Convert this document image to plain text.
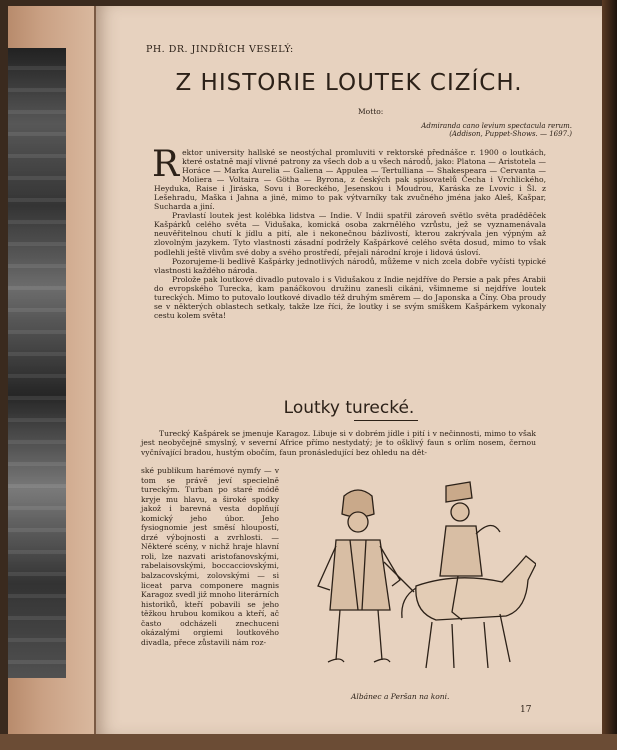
PH. DR. JINDŘICH VESELÝ:
Z HISTORIE LOUTEK CIZÍCH.
Motto:
Admiranda cano levium spectacula rerum.
(Addison, Puppet-Shows. — 1697.)

Rektor university hallské se neostýchal promluviti v rektorské přednášce r. 1900 o loutkách, které ostatně mají vlivné patrony za všech dob a u všech národů, jako: Platona — Aristotela — Horáce — Marka Aurelia — Galiena — Appulea — Tertulliana — Shakespeara — Cervanta — Moliera — Voltaira — Götha — Byrona, z českých pak spisovatelů Čecha i Vrchlického, Heyduka, Raise i Jiráska, Sovu i Boreckého, Jesenskou i Moudrou, Karáska ze Lvovic i Šl. z Lešehradu, Maška i Jahna a jiné, mimo to pak výtvarníky tak zvučného jména jako Aleš, Kašpar, Sucharda a jiní.

Pravlastí loutek jest kolébka lidstva — Indie. V Indii spatřil zároveň světlo světa praděděček Kašpárků celého světa — Vidušaka, komická osoba zakrnělého vzrůstu, jež se vyznamenávala neuvěřitelnou chutí k jídlu a pití, ale i nekonečnou bázlivostí, kterou zakrývala jen výpným až zlovolným jazykem. Tyto vlastnosti zásadní podržely Kašpárkové celého světa dosud, mimo to však podlehli ještě vlivům své doby a svého prostředí, přejali národní kroje i lidová úsloví.

Pozorujeme-li bedlivě Kašpárky jednotlivých národů, můžeme v nich zcela dobře vyčísti typické vlastnosti každého národa.

Prolože pak loutkové divadlo putovalo i s Vidušakou z Indie nejdříve do Persie a pak přes Arabii do evropského Turecka, kam panáčkovou družinu zanesli cikáni, všimneme si nejdříve loutek tureckých. Mimo to putovalo loutkové divadlo též druhým směrem — do Japonska a Číny. Oba proudy se v některých oblastech setkaly, takže lze říci, že loutky i se svým smíškem Kašpárkem vykonaly cestu kolem světa!

Loutky turecké.

Turecký Kašpárek se jmenuje Karagoz. Libuje si v dobrém jídle i pití i v nečinnosti, mimo to však jest neobyčejně smyslný, v severní Africe přímo nestydatý; je to ošklivý faun s orlím nosem, černou vyčnívající bradou, hustým obočím, faun pronásledující bez ohledu na dět-

ské publikum harémové nymfy — v tom se právě jeví specielně tureckým. Turban po staré módě kryje mu hlavu, a široké spodky jakož i barevná vesta doplňují komický jeho úbor. Jeho fysiognomie jest směsí hloupostí, drzé výbojnosti a zvrhlosti. — Některé scény, v nichž hraje hlavní roli, lze nazvati aristofanovskými, rabelaisovskými, boccacciovskými, balzacovskými, zolovskými — si liceat parva componere magnis Karagoz svedl již mnoho literárních historiků, kteří pobavili se jeho těžkou hrubou komikou a kteří, ač často odcházeli znechuceni okázalými orgiemi loutkového divadla, přece zůstavili nám roz-

Albánec a Peršan na koni.
17
